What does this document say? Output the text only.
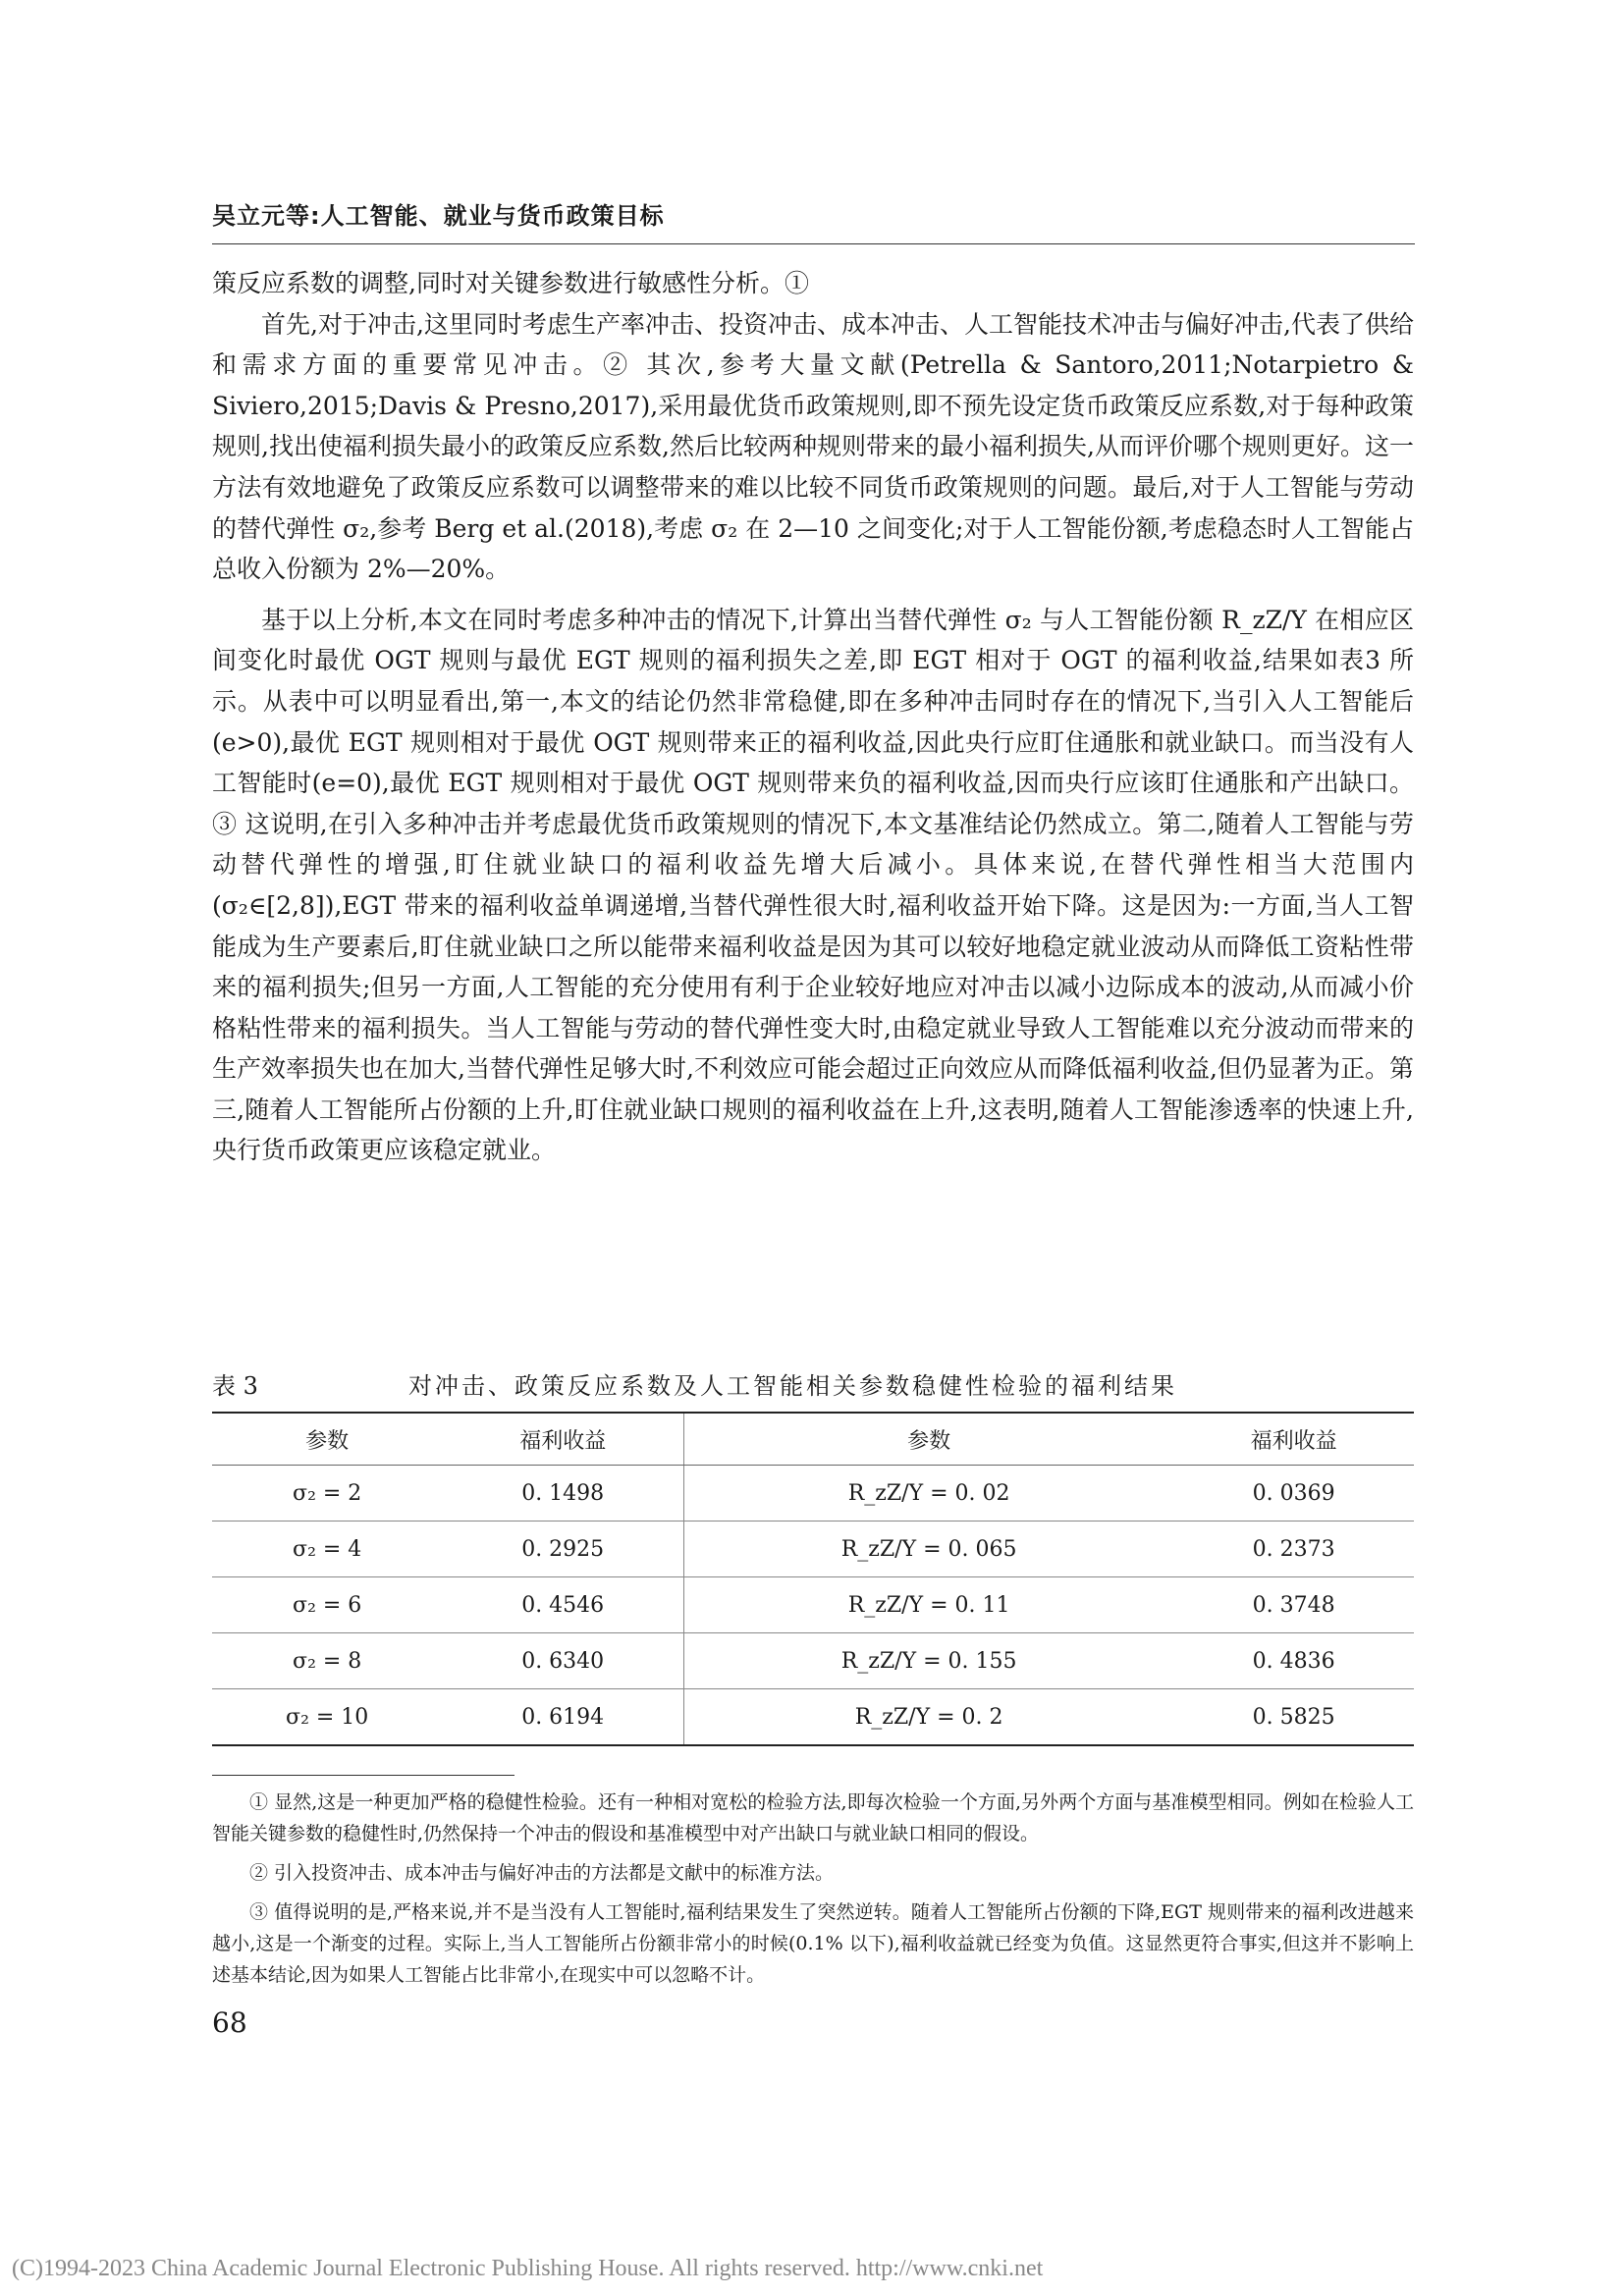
吴立元等:人工智能、就业与货币政策目标

策反应系数的调整,同时对关键参数进行敏感性分析。①

首先,对于冲击,这里同时考虑生产率冲击、投资冲击、成本冲击、人工智能技术冲击与偏好冲击,代表了供给和需求方面的重要常见冲击。② 其次,参考大量文献(Petrella & Santoro,2011;Notarpietro & Siviero,2015;Davis & Presno,2017),采用最优货币政策规则,即不预先设定货币政策反应系数,对于每种政策规则,找出使福利损失最小的政策反应系数,然后比较两种规则带来的最小福利损失,从而评价哪个规则更好。这一方法有效地避免了政策反应系数可以调整带来的难以比较不同货币政策规则的问题。最后,对于人工智能与劳动的替代弹性 σ₂,参考 Berg et al.(2018),考虑 σ₂ 在 2—10 之间变化;对于人工智能份额,考虑稳态时人工智能占总收入份额为 2%—20%。

基于以上分析,本文在同时考虑多种冲击的情况下,计算出当替代弹性 σ₂ 与人工智能份额 R_zZ/Y 在相应区间变化时最优 OGT 规则与最优 EGT 规则的福利损失之差,即 EGT 相对于 OGT 的福利收益,结果如表3 所示。从表中可以明显看出,第一,本文的结论仍然非常稳健,即在多种冲击同时存在的情况下,当引入人工智能后(e>0),最优 EGT 规则相对于最优 OGT 规则带来正的福利收益,因此央行应盯住通胀和就业缺口。而当没有人工智能时(e=0),最优 EGT 规则相对于最优 OGT 规则带来负的福利收益,因而央行应该盯住通胀和产出缺口。③ 这说明,在引入多种冲击并考虑最优货币政策规则的情况下,本文基准结论仍然成立。第二,随着人工智能与劳动替代弹性的增强,盯住就业缺口的福利收益先增大后减小。具体来说,在替代弹性相当大范围内(σ₂∈[2,8]),EGT 带来的福利收益单调递增,当替代弹性很大时,福利收益开始下降。这是因为:一方面,当人工智能成为生产要素后,盯住就业缺口之所以能带来福利收益是因为其可以较好地稳定就业波动从而降低工资粘性带来的福利损失;但另一方面,人工智能的充分使用有利于企业较好地应对冲击以减小边际成本的波动,从而减小价格粘性带来的福利损失。当人工智能与劳动的替代弹性变大时,由稳定就业导致人工智能难以充分波动而带来的生产效率损失也在加大,当替代弹性足够大时,不利效应可能会超过正向效应从而降低福利收益,但仍显著为正。第三,随着人工智能所占份额的上升,盯住就业缺口规则的福利收益在上升,这表明,随着人工智能渗透率的快速上升,央行货币政策更应该稳定就业。

表 3	对冲击、政策反应系数及人工智能相关参数稳健性检验的福利结果
参数	福利收益	参数	福利收益
σ₂ = 2	0. 1498	R_zZ/Y = 0. 02	0. 0369
σ₂ = 4	0. 2925	R_zZ/Y = 0. 065	0. 2373
σ₂ = 6	0. 4546	R_zZ/Y = 0. 11	0. 3748
σ₂ = 8	0. 6340	R_zZ/Y = 0. 155	0. 4836
σ₂ = 10	0. 6194	R_zZ/Y = 0. 2	0. 5825

① 显然,这是一种更加严格的稳健性检验。还有一种相对宽松的检验方法,即每次检验一个方面,另外两个方面与基准模型相同。例如在检验人工智能关键参数的稳健性时,仍然保持一个冲击的假设和基准模型中对产出缺口与就业缺口相同的假设。

② 引入投资冲击、成本冲击与偏好冲击的方法都是文献中的标准方法。

③ 值得说明的是,严格来说,并不是当没有人工智能时,福利结果发生了突然逆转。随着人工智能所占份额的下降,EGT 规则带来的福利改进越来越小,这是一个渐变的过程。实际上,当人工智能所占份额非常小的时候(0.1% 以下),福利收益就已经变为负值。这显然更符合事实,但这并不影响上述基本结论,因为如果人工智能占比非常小,在现实中可以忽略不计。

68
(C)1994-2023 China Academic Journal Electronic Publishing House. All rights reserved. http://www.cnki.net
